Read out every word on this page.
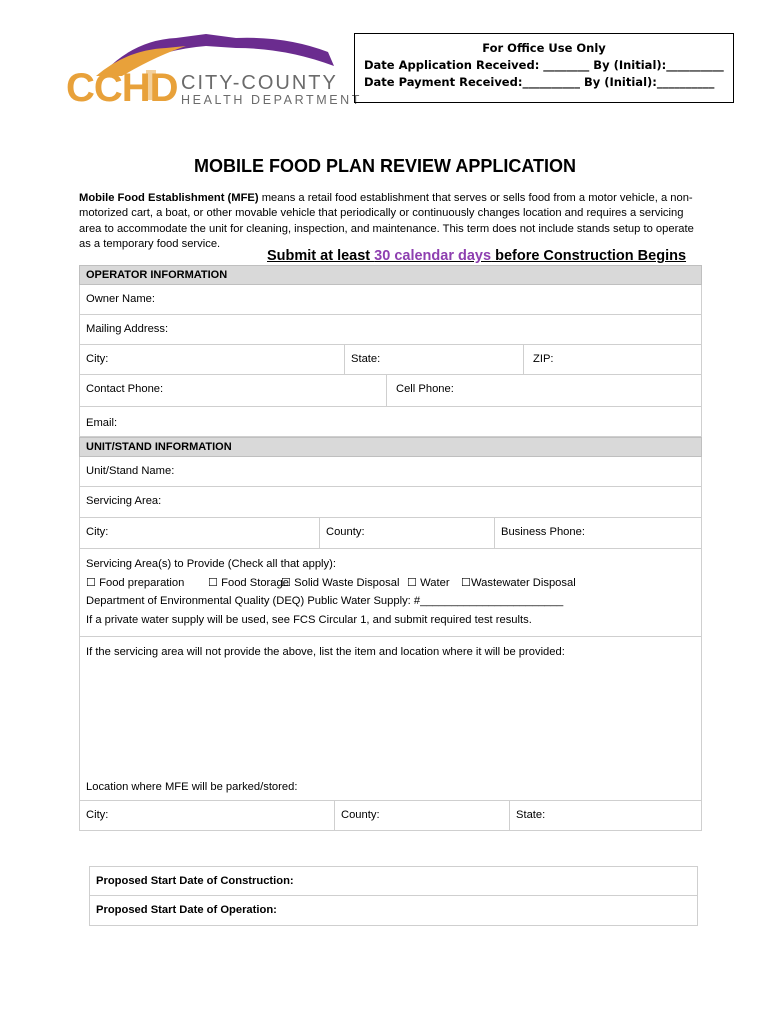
CCHD CITY-COUNTY
HEALTH DEPARTMENT
For Office Use Only
Date Application Received: ________ By (Initial):__________
Date Payment Received:__________ By (Initial):__________
MOBILE FOOD PLAN REVIEW APPLICATION
Mobile Food Establishment (MFE) means a retail food establishment that serves or sells food from a motor vehicle, a non-motorized cart, a boat, or other movable vehicle that periodically or continuously changes location and requires a servicing area to accommodate the unit for cleaning, inspection, and maintenance. This term does not include stands setup to operate as a temporary food service.
Submit at least 30 calendar days before Construction Begins
OPERATOR INFORMATION
Owner Name:
Mailing Address:
City:	State:	ZIP:
Contact Phone:	Cell Phone:
Email:
UNIT/STAND INFORMATION
Unit/Stand Name:
Servicing Area:
City:	County:	Business Phone:
Servicing Area(s) to Provide (Check all that apply):
☐ Food preparation ☐ Food Storage
☐ Solid Waste Disposal ☐ Water ☐Wastewater Disposal
Department of Environmental Quality (DEQ) Public Water Supply: #_______________________
If a private water supply will be used, see FCS Circular 1, and submit required test results.
If the servicing area will not provide the above, list the item and location where it will be provided:
Location where MFE will be parked/stored:
City:	County:	State:
Proposed Start Date of Construction:
Proposed Start Date of Operation:
